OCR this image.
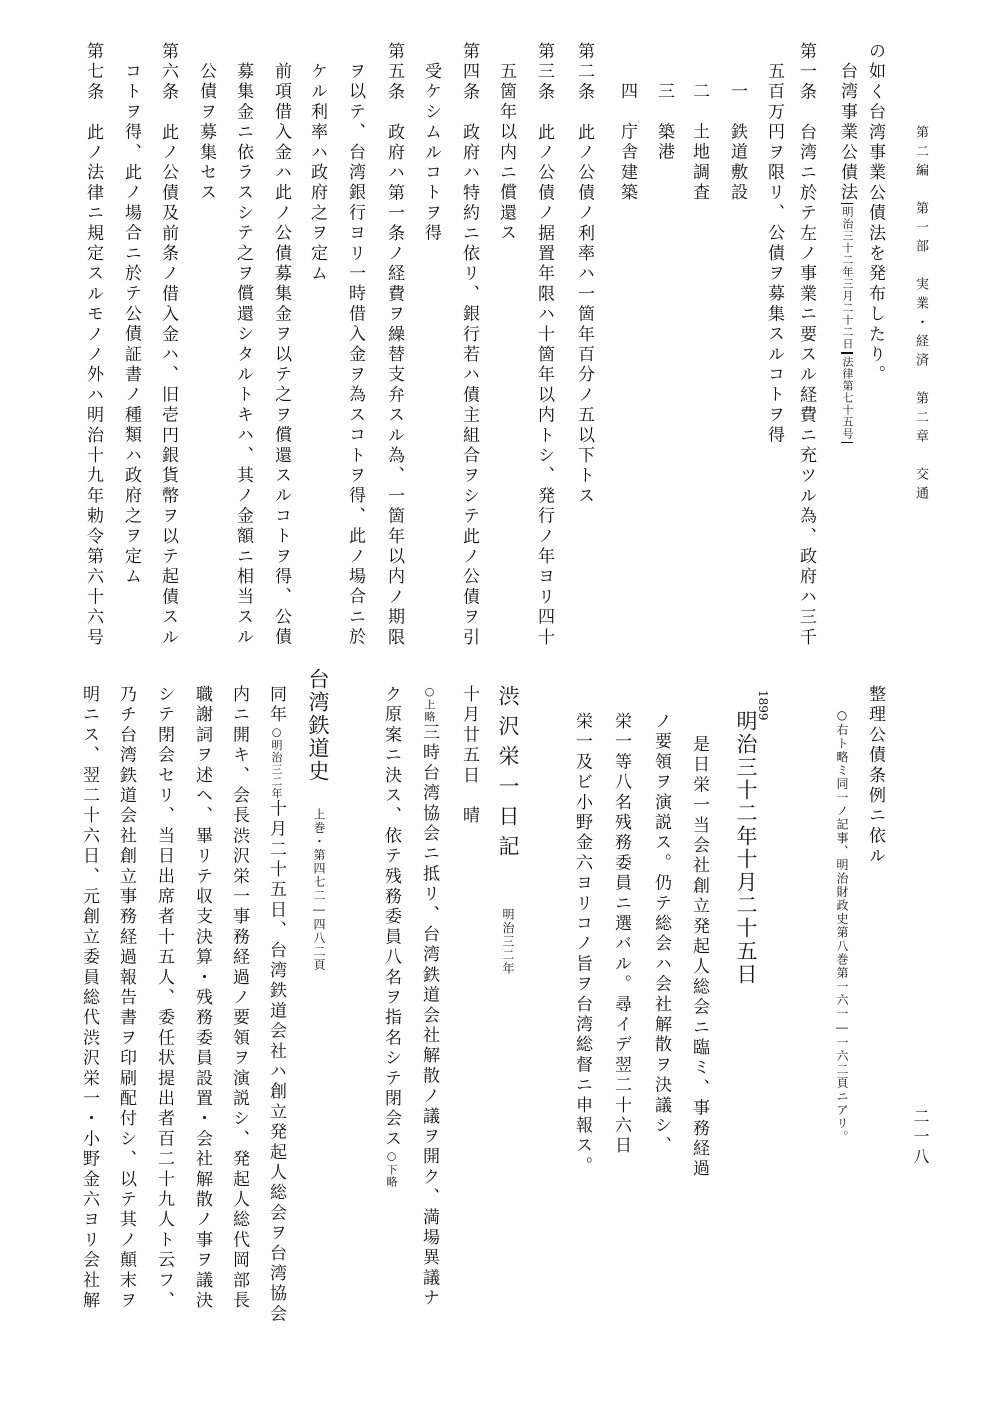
第二編　第一部　実業・経済　第二章　交通
二一八
の如く台湾事業公債法を発布したり。
台湾事業公債法明治三十二年三月二十二日法律第七十五号
第一条　台湾ニ於テ左ノ事業ニ要スル経費ニ充ツル為、政府ハ三千
五百万円ヲ限リ、公債ヲ募集スルコトヲ得
一　鉄道敷設
二　土地調査
三　築港
四　庁舎建築
第二条　此ノ公債ノ利率ハ一箇年百分ノ五以下トス
第三条　此ノ公債ノ据置年限ハ十箇年以内トシ、発行ノ年ヨリ四十
五箇年以内ニ償還ス
第四条　政府ハ特約ニ依リ、銀行若ハ債主組合ヲシテ此ノ公債ヲ引
受ケシムルコトヲ得
第五条　政府ハ第一条ノ経費ヲ繰替支弁スル為、一箇年以内ノ期限
ヲ以テ、台湾銀行ヨリ一時借入金ヲ為スコトヲ得、此ノ場合ニ於
ケル利率ハ政府之ヲ定ム
前項借入金ハ此ノ公債募集金ヲ以テ之ヲ償還スルコトヲ得、公債
募集金ニ依ラスシテ之ヲ償還シタルトキハ、其ノ金額ニ相当スル
公債ヲ募集セス
第六条　此ノ公債及前条ノ借入金ハ、旧壱円銀貨幣ヲ以テ起債スル
コトヲ得、此ノ場合ニ於テ公債証書ノ種類ハ政府之ヲ定ム
第七条　此ノ法律ニ規定スルモノノ外ハ明治十九年勅令第六十六号
整理公債条例ニ依ル
○右ト略ミ同一ノ記事、明治財政史第八巻第一六一―一六二頁ニアリ。
1899
明治三十二年十月二十五日
是日栄一当会社創立発起人総会ニ臨ミ、事務経過
ノ要領ヲ演説ス。仍テ総会ハ会社解散ヲ決議シ、
栄一等八名残務委員ニ選バル。尋イデ翌二十六日
栄一及ビ小野金六ヨリコノ旨ヲ台湾総督ニ申報ス。
渋沢栄一日記
明治三二年
十月廿五日　晴
○上略三時台湾協会ニ抵リ、台湾鉄道会社解散ノ議ヲ開ク、満場異議ナ
ク原案ニ決ス、依テ残務委員八名ヲ指名シテ閉会ス○下略
台湾鉄道史
上巻・第四七二―四八二頁
同年○明治三二年十月二十五日、台湾鉄道会社ハ創立発起人総会ヲ台湾協会
内ニ開キ、会長渋沢栄一事務経過ノ要領ヲ演説シ、発起人総代岡部長
職謝詞ヲ述ヘ、畢リテ収支決算・残務委員設置・会社解散ノ事ヲ議決
シテ閉会セリ、当日出席者十五人、委任状提出者百二十九人ト云フ、
乃チ台湾鉄道会社創立事務経過報告書ヲ印刷配付シ、以テ其ノ顛末ヲ
明ニス、翌二十六日、元創立委員総代渋沢栄一・小野金六ヨリ会社解
